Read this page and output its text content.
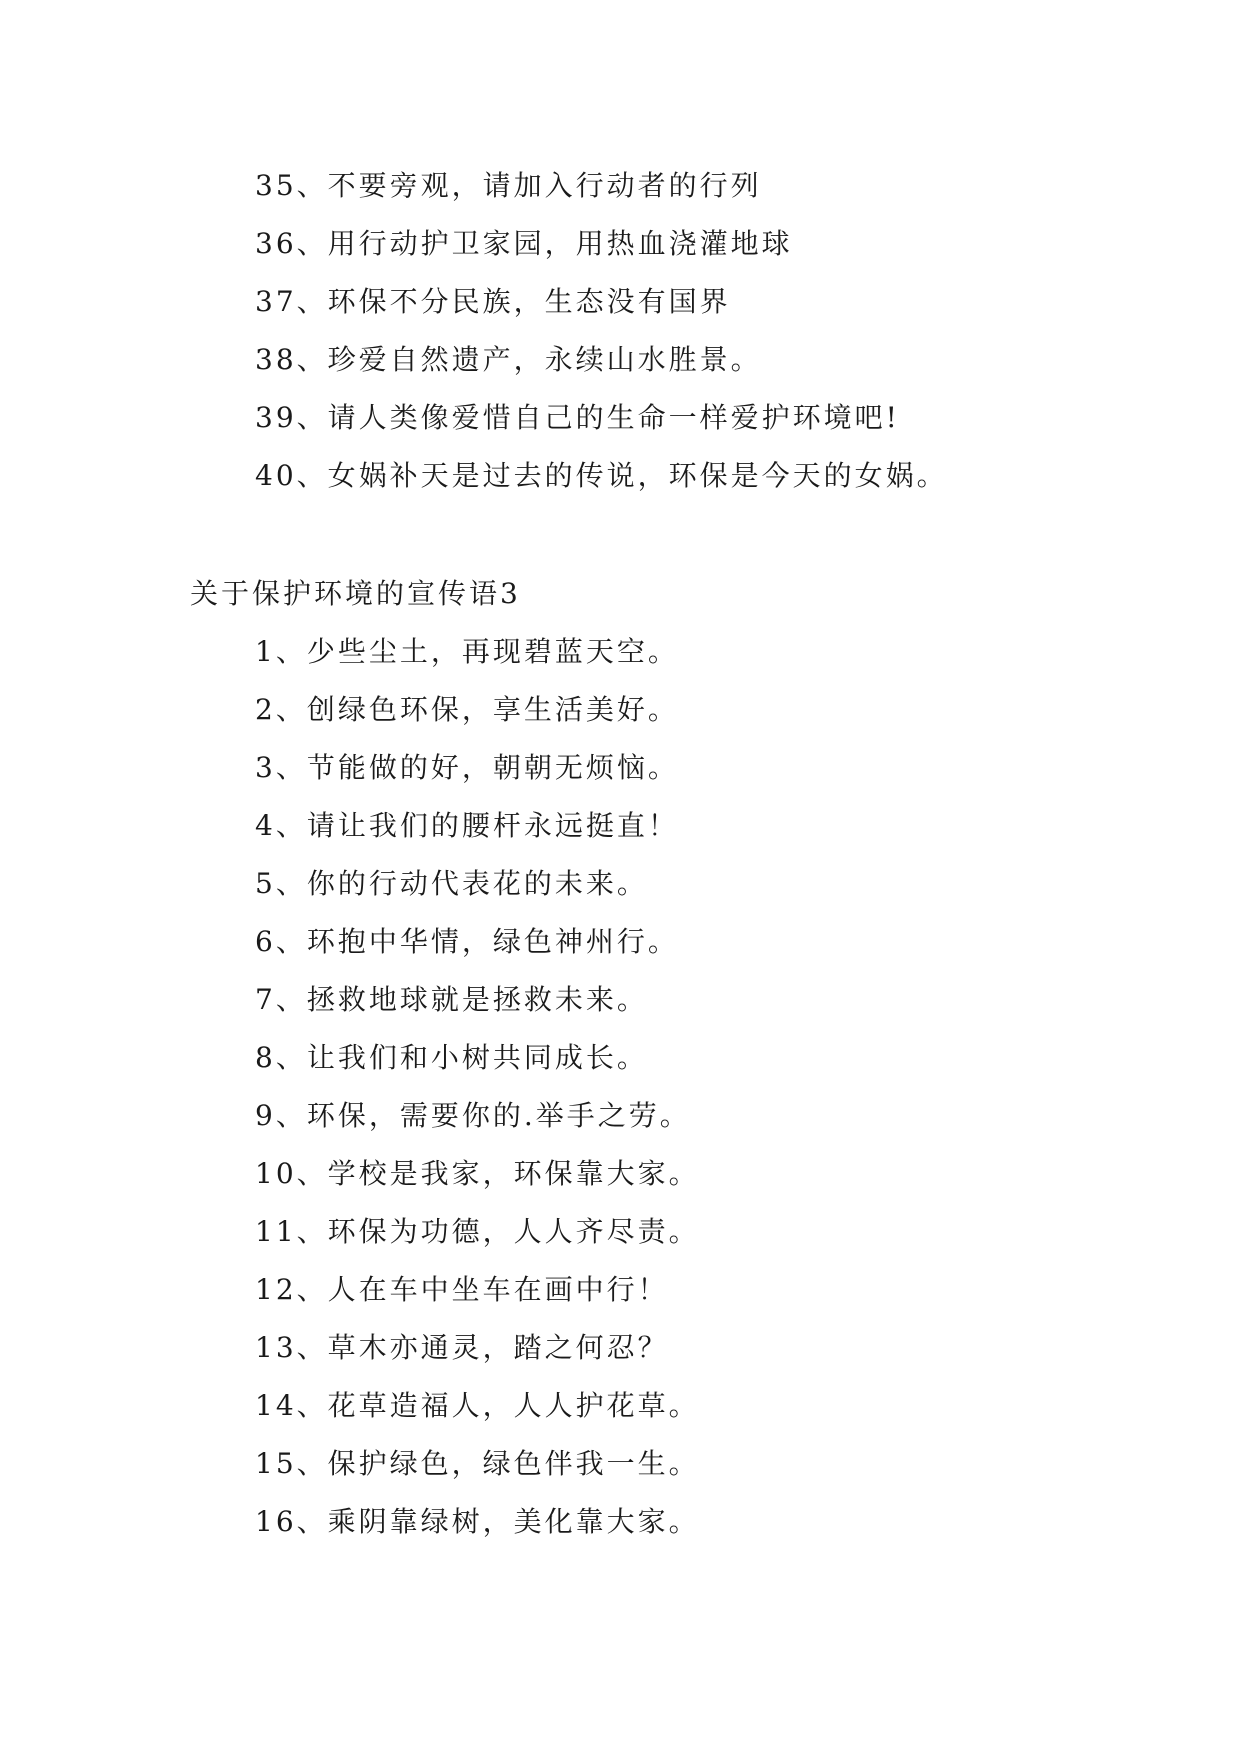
35、不要旁观，请加入行动者的行列
36、用行动护卫家园，用热血浇灌地球
37、环保不分民族，生态没有国界
38、珍爱自然遗产，永续山水胜景。
39、请人类像爱惜自己的生命一样爱护环境吧!
40、女娲补天是过去的传说，环保是今天的女娲。
关于保护环境的宣传语3
1、少些尘土，再现碧蓝天空。
2、创绿色环保，享生活美好。
3、节能做的好，朝朝无烦恼。
4、请让我们的腰杆永远挺直！
5、你的行动代表花的未来。
6、环抱中华情，绿色神州行。
7、拯救地球就是拯救未来。
8、让我们和小树共同成长。
9、环保，需要你的.举手之劳。
10、学校是我家，环保靠大家。
11、环保为功德，人人齐尽责。
12、人在车中坐车在画中行！
13、草木亦通灵，踏之何忍？
14、花草造福人，人人护花草。
15、保护绿色，绿色伴我一生。
16、乘阴靠绿树，美化靠大家。
